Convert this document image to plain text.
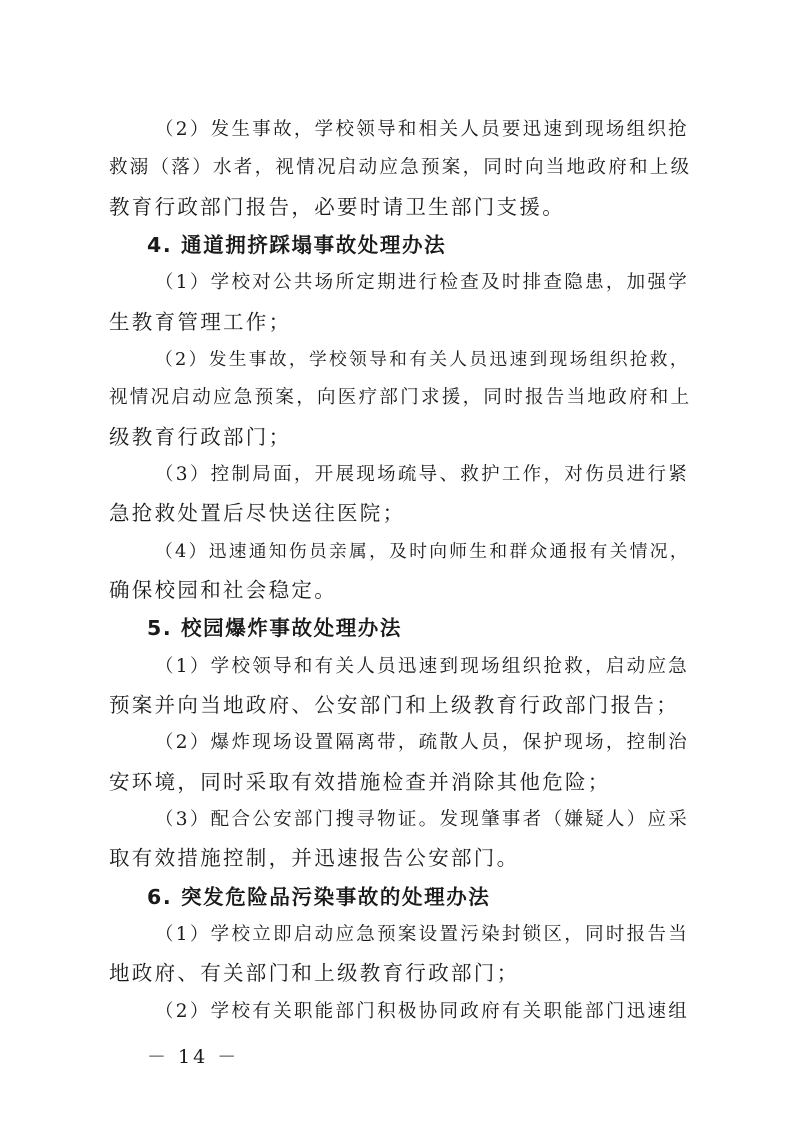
（2）发生事故，学校领导和相关人员要迅速到现场组织抢
救溺（落）水者，视情况启动应急预案，同时向当地政府和上级
教育行政部门报告，必要时请卫生部门支援。
4. 通道拥挤踩塌事故处理办法
（1）学校对公共场所定期进行检查及时排查隐患，加强学
生教育管理工作；
（2）发生事故，学校领导和有关人员迅速到现场组织抢救，
视情况启动应急预案，向医疗部门求援，同时报告当地政府和上
级教育行政部门；
（3）控制局面，开展现场疏导、救护工作，对伤员进行紧
急抢救处置后尽快送往医院；
（4）迅速通知伤员亲属，及时向师生和群众通报有关情况，
确保校园和社会稳定。
5. 校园爆炸事故处理办法
（1）学校领导和有关人员迅速到现场组织抢救，启动应急
预案并向当地政府、公安部门和上级教育行政部门报告；
（2）爆炸现场设置隔离带，疏散人员，保护现场，控制治
安环境，同时采取有效措施检查并消除其他危险；
（3）配合公安部门搜寻物证。发现肇事者（嫌疑人）应采
取有效措施控制，并迅速报告公安部门。
6. 突发危险品污染事故的处理办法
（1）学校立即启动应急预案设置污染封锁区，同时报告当
地政府、有关部门和上级教育行政部门；
（2）学校有关职能部门积极协同政府有关职能部门迅速组
－ 14 －
